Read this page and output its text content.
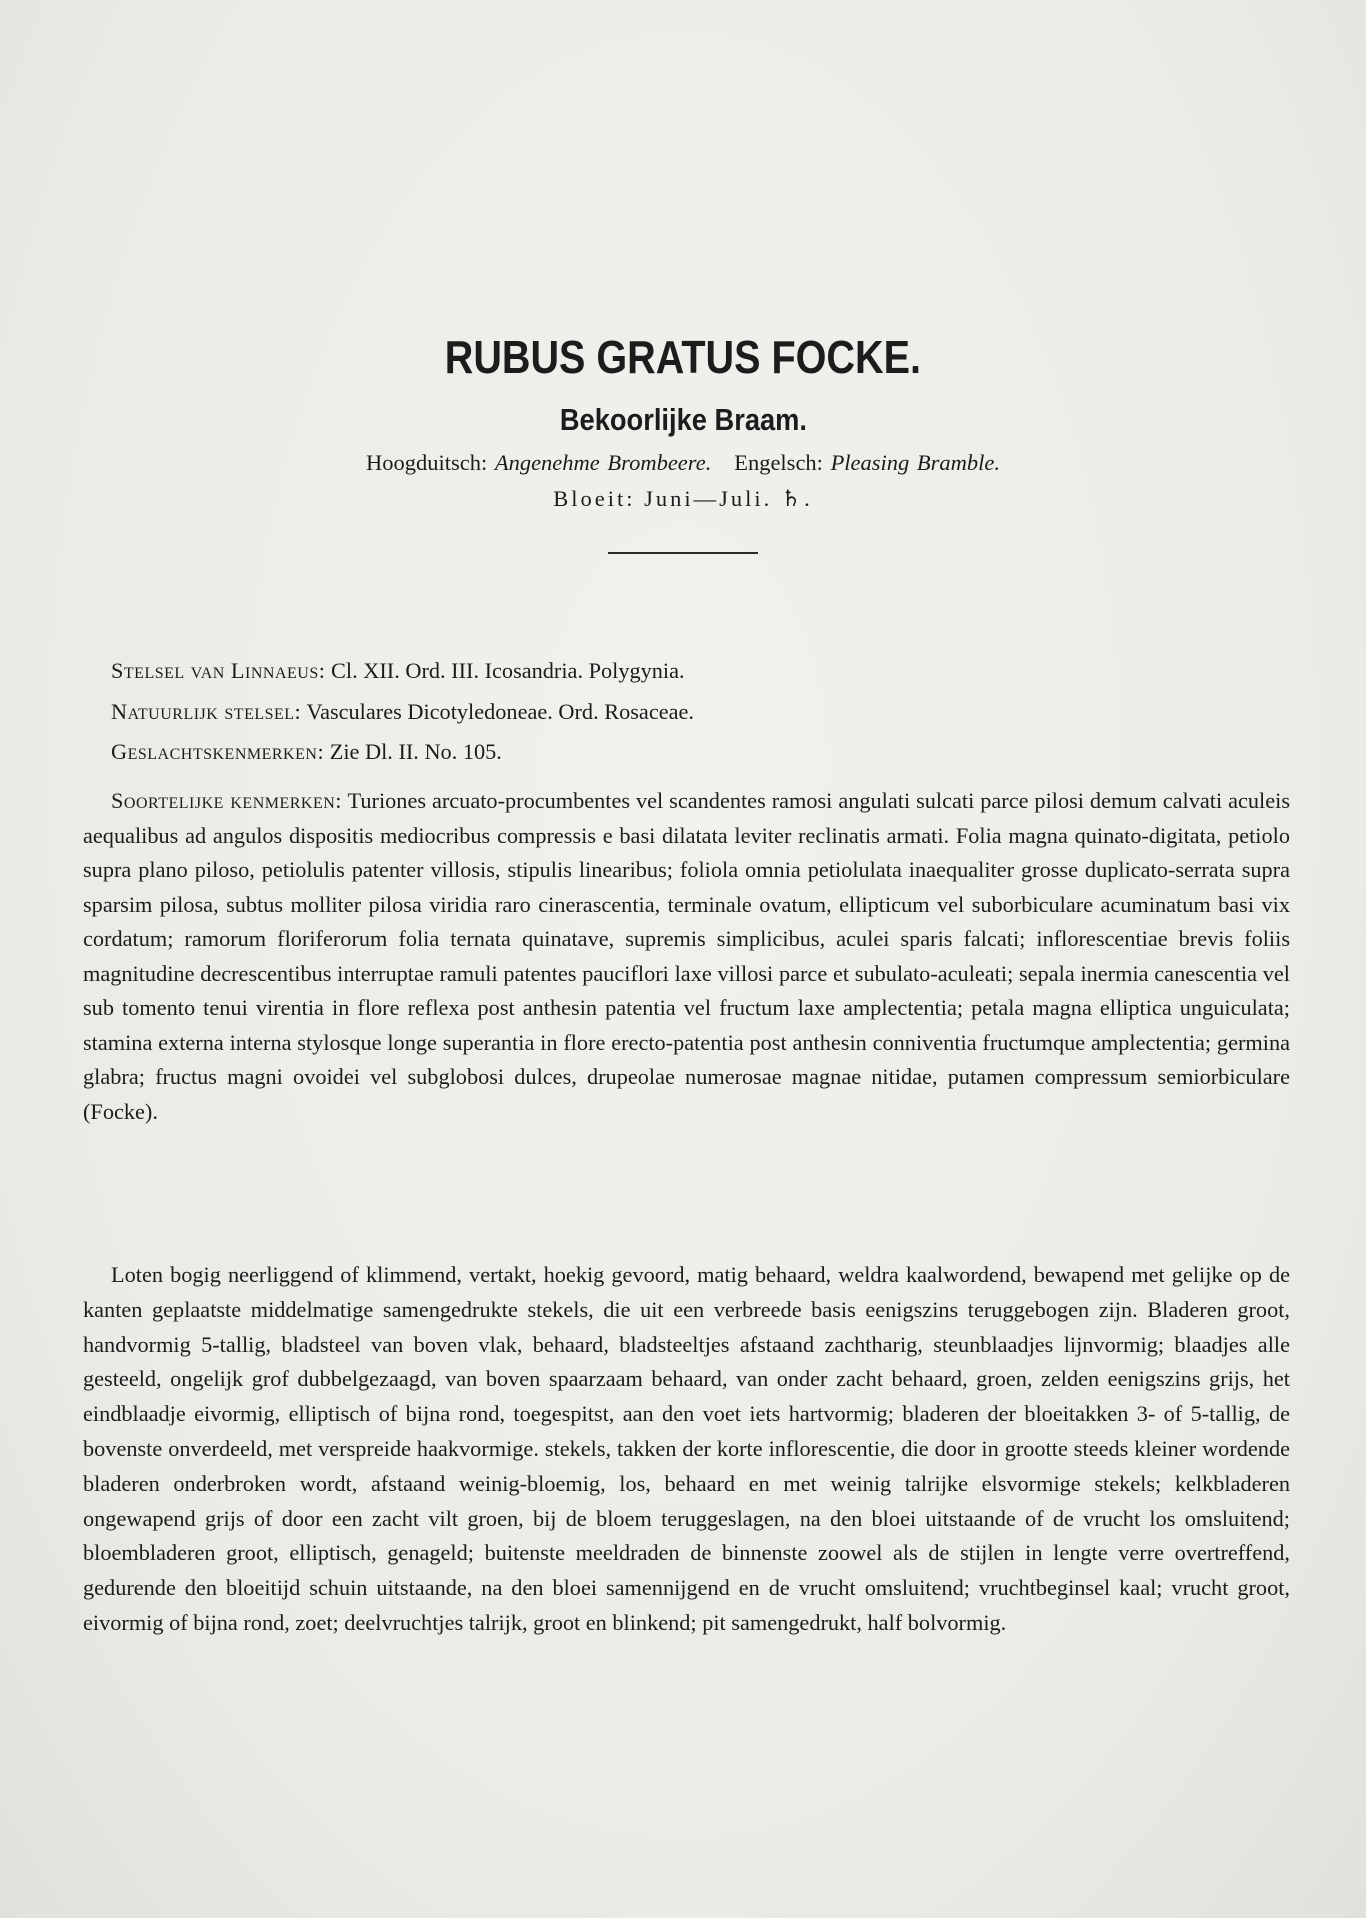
RUBUS GRATUS FOCKE.
Bekoorlijke Braam.
Hoogduitsch: Angenehme Brombeere. Engelsch: Pleasing Bramble.
Bloeit: Juni—Juli. ♄.

Stelsel van Linnaeus: Cl. XII. Ord. III. Icosandria. Polygynia.

Natuurlijk stelsel: Vasculares Dicotyledoneae. Ord. Rosaceae.

Geslachtskenmerken: Zie Dl. II. No. 105.

Soortelijke kenmerken: Turiones arcuato-procumbentes vel scandentes ramosi angulati sulcati parce pilosi demum calvati aculeis aequalibus ad angulos dispositis mediocribus compressis e basi dilatata leviter reclinatis armati. Folia magna quinato-digitata, petiolo supra plano piloso, petiolulis patenter villosis, stipulis linearibus; foliola omnia petiolulata inaequaliter grosse duplicato-serrata supra sparsim pilosa, subtus molliter pilosa viridia raro cinerascentia, terminale ovatum, ellipticum vel suborbiculare acuminatum basi vix cordatum; ramorum floriferorum folia ternata quinatave, supremis simplicibus, aculei sparis falcati; inflorescentiae brevis foliis magnitudine decrescentibus interruptae ramuli patentes pauciflori laxe villosi parce et subulato-aculeati; sepala inermia canescentia vel sub tomento tenui virentia in flore reflexa post anthesin patentia vel fructum laxe amplectentia; petala magna elliptica unguiculata; stamina externa interna stylosque longe superantia in flore erecto-patentia post anthesin conniventia fructumque amplectentia; germina glabra; fructus magni ovoidei vel subglobosi dulces, drupeolae numerosae magnae nitidae, putamen compressum semiorbiculare (Focke).

Loten bogig neerliggend of klimmend, vertakt, hoekig gevoord, matig behaard, weldra kaalwordend, bewapend met gelijke op de kanten geplaatste middelmatige samengedrukte stekels, die uit een verbreede basis eenigszins teruggebogen zijn. Bladeren groot, handvormig 5-tallig, bladsteel van boven vlak, behaard, bladsteeltjes afstaand zachtharig, steunblaadjes lijnvormig; blaadjes alle gesteeld, ongelijk grof dubbelgezaagd, van boven spaarzaam behaard, van onder zacht behaard, groen, zelden eenigszins grijs, het eindblaadje eivormig, elliptisch of bijna rond, toegespitst, aan den voet iets hartvormig; bladeren der bloeitakken 3- of 5-tallig, de bovenste onverdeeld, met verspreide haakvormige. stekels, takken der korte inflorescentie, die door in grootte steeds kleiner wordende bladeren onderbroken wordt, afstaand weinig-bloemig, los, behaard en met weinig talrijke elsvormige stekels; kelkbladeren ongewapend grijs of door een zacht vilt groen, bij de bloem teruggeslagen, na den bloei uitstaande of de vrucht los omsluitend; bloembladeren groot, elliptisch, genageld; buitenste meeldraden de binnenste zoowel als de stijlen in lengte verre overtreffend, gedurende den bloeitijd schuin uitstaande, na den bloei samennijgend en de vrucht omsluitend; vruchtbeginsel kaal; vrucht groot, eivormig of bijna rond, zoet; deelvruchtjes talrijk, groot en blinkend; pit samengedrukt, half bolvormig.
